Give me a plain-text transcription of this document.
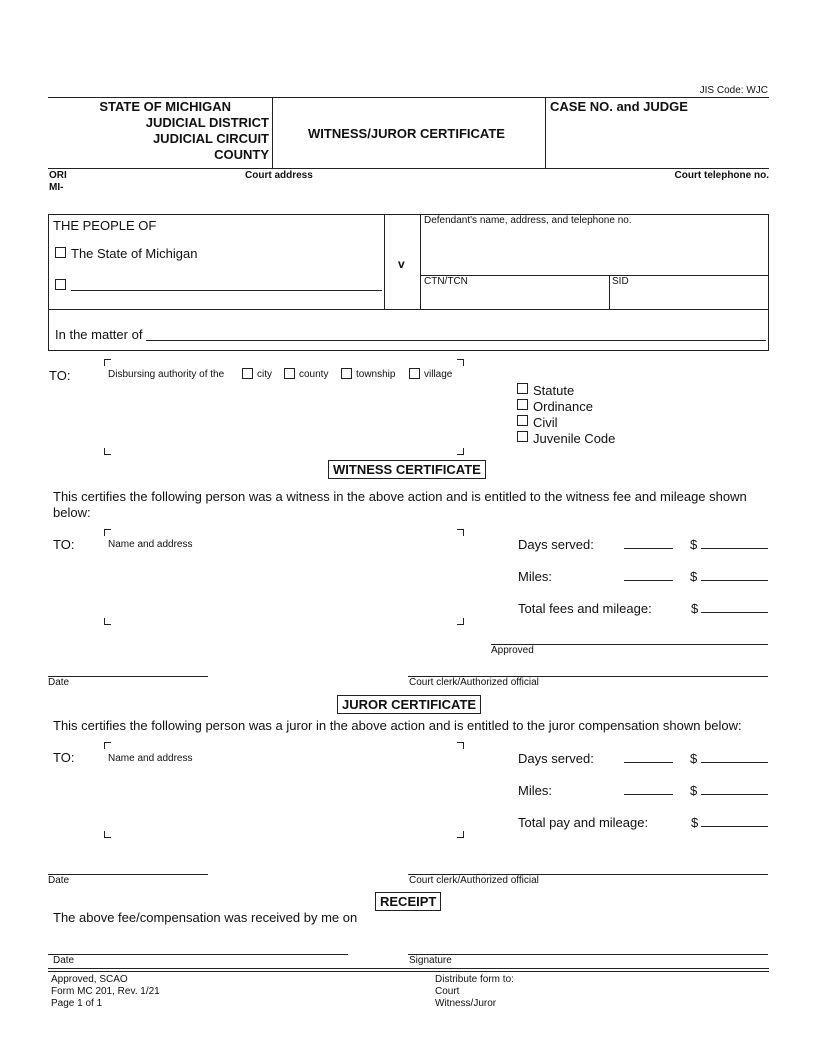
JIS Code: WJC
STATE OF MICHIGAN
JUDICIAL DISTRICT
JUDICIAL CIRCUIT
COUNTY
WITNESS/JUROR CERTIFICATE
CASE NO. and JUDGE
ORI
MI-
Court address	Court telephone no.
THE PEOPLE OF
The State of Michigan
v
Defendant's name, address, and telephone no.
CTN/TCN	SID
In the matter of
TO:	Disbursing authority of the	city	county	township	village
Statute
Ordinance
Civil
Juvenile Code
WITNESS CERTIFICATE
This certifies the following person was a witness in the above action and is entitled to the witness fee and mileage shown below:
TO:	Name and address	Days served:	$
Miles:	$
Total fees and mileage:	$
Approved
Date	Court clerk/Authorized official
JUROR CERTIFICATE
This certifies the following person was a juror in the above action and is entitled to the juror compensation shown below:
TO:	Name and address	Days served:	$
Miles:	$
Total pay and mileage:	$
Date	Court clerk/Authorized official
RECEIPT
The above fee/compensation was received by me on
Date	Signature
Approved, SCAO
Form MC 201, Rev. 1/21
Page 1 of 1
Distribute form to:
Court
Witness/Juror
